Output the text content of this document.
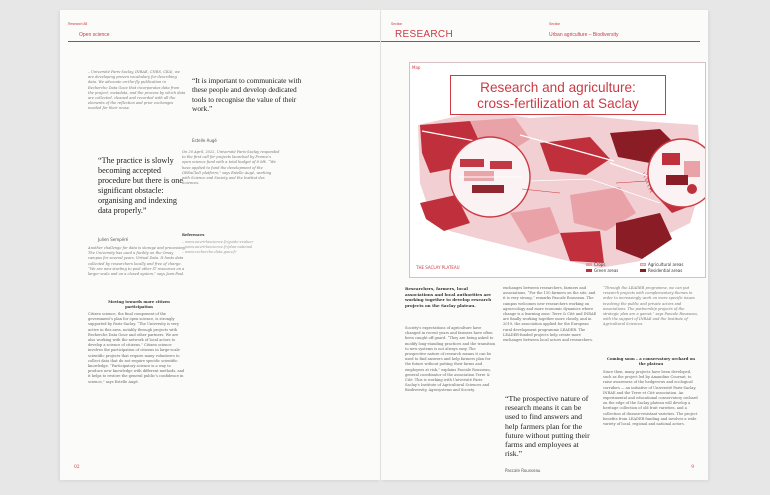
Research 88
Open science
– Université Paris-Saclay, INRAE, CNRS, CEA), we are developing proven vocabulary for describing data. We advocate on-the-fly publication in Recherche Data Gouv that incorporates data from the project, metadata, and the process by which data are collected, cleaned and recorded with all the elements of the reflection and prior exchanges needed for their reuse.
“The practice is slowly becoming accepted procedure but there is one significant obstacle: organising and indexing data properly.”
Julien Sempéré
Another challenge for data is storage and processing. The University has used a facility on the Orsay campus for several years. Virtual Data. It hosts data collected by researchers locally and free of charge. “We are now starting to pool other IT resources on a larger scale and on a closed system,” says Jean-Paul.
Moving towards more citizen participation
Citizen science, the final component of the government’s plan for open science, is strongly supported by Paris-Saclay. “The University is very active in this area, notably through projects with Recherche Data Gouv and other partners. We are also working with the network of local actors to develop a science of citizens.” Citizen science involves the participation of citizens in large-scale scientific projects that require many volunteers to collect data that do not require specific scientific knowledge. “Participatory science is a way to produce new knowledge with different methods, and it helps to restore the general public’s confidence in science,” says Estelle Augé.
“It is important to communicate with these people and develop dedicated tools to recognise the value of their work.”
Estelle Augé
On 20 April, 2022, Université Paris-Saclay responded to the first call for projects launched by France's open science fund with a total budget of 8 M€. “We have applied to fund the development of the ORSaCleD platform,” says Estelle Augé, working with Science and Society and the Institut des Sciences.
References
– www.ouvrirlascience.fr/guide-evaluer
– www.ouvrirlascience.fr/plan-national
– www.recherche.data.gouv.fr
02
Section
RESEARCH
Section
Urban agriculture – Biodiversity
Map
Research and agriculture:
cross-fertilization at Saclay
THE SACLAY PLATEAU
Crops
Green areas
Agricultural areas
Residential areas
Researchers, farmers, local associations and local authorities are working together to develop research projects on the Saclay plateau.
Society's expectations of agriculture have changed in recent years and farmers have often been caught off guard. “They are being asked to modify long-standing practices and the transition to new systems is not always easy. The prospective nature of research means it can be used to find answers and help farmers plan for the future without putting their farms and employees at risk,” explains Pascale Rousseau, general coordinator of the association Terre & Cité. This is working with Université Paris-Saclay's Institute of Agricultural Sciences and Biodiversity, Agrosystems and Society.
exchanges between researchers, farmers and associations. “For the 150 farmers on the site, and it is very strong,” remarks Pascale Rousseau. The campus welcomes new researchers working on agroecology and more economic dynamics where change is a learning zone. Terre & Cité and INRAE are finally working together more closely, and in 2019, the association applied for the European rural development programme LEADER. The LEADER-funded projects help create more exchanges between local actors and researchers.
“The prospective nature of research means it can be used to find answers and help farmers plan for the future without putting their farms and employees at risk.”
Pascale Rousseau
“Through the LEADER programme, we can put research projects with complementary themes in order to increasingly work on more specific issues involving the public and private actors and associations. The partnership projects of the strategic plan are a gamut,” says Pascale Rousseau, with the support of INRAE and the Institute of Agricultural Sciences.
Coming soon – a conservatory orchard on the plateau
Since then, many projects have been developed, such as the project led by Amandine Cournut, to raise awareness of the hedgerows and ecological corridors — an initiative of Université Paris-Saclay, INRAE and the Terre et Cité association. An experimental and educational conservatory orchard on the edge of the Saclay plateau will develop a heritage collection of old fruit varieties, and a collection of disease-resistant varieties. The project benefits from LEADER funding and involves a wide variety of local, regional and national actors.
9
